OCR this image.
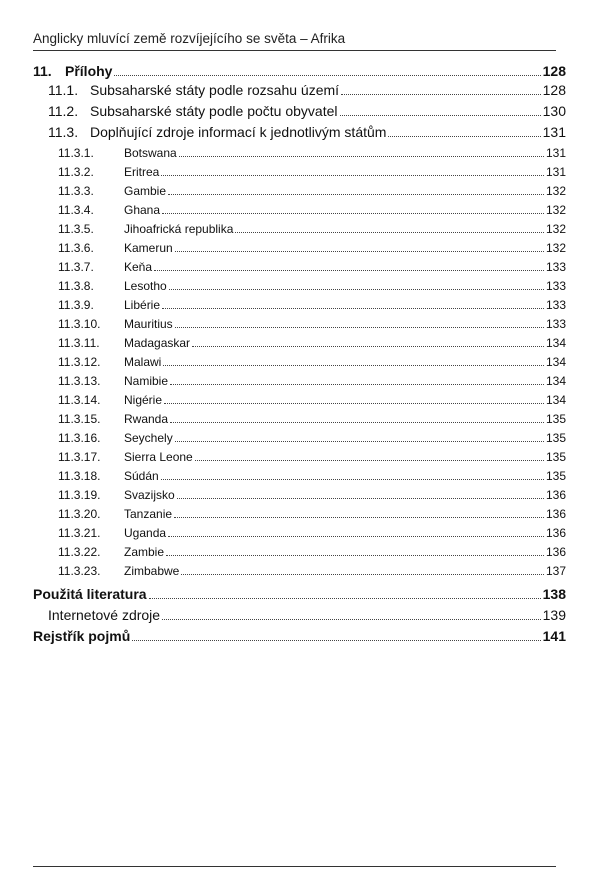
Anglicky mluvící země rozvíjejícího se světa – Afrika
11. Přílohy	128
11.1. Subsaharské státy podle rozsahu území	128
11.2. Subsaharské státy podle počtu obyvatel	130
11.3. Doplňující zdroje informací k jednotlivým státům	131
11.3.1.	Botswana	131
11.3.2.	Eritrea	131
11.3.3.	Gambie	132
11.3.4.	Ghana	132
11.3.5.	Jihoafrická republika	132
11.3.6.	Kamerun	132
11.3.7.	Keňa	133
11.3.8.	Lesotho	133
11.3.9.	Libérie	133
11.3.10.	Mauritius	133
11.3.11.	Madagaskar	134
11.3.12.	Malawi	134
11.3.13.	Namibie	134
11.3.14.	Nigérie	134
11.3.15.	Rwanda	135
11.3.16.	Seychely	135
11.3.17.	Sierra Leone	135
11.3.18.	Súdán	135
11.3.19.	Svazijsko	136
11.3.20.	Tanzanie	136
11.3.21.	Uganda	136
11.3.22.	Zambie	136
11.3.23.	Zimbabwe	137
Použitá literatura	138
Internetové zdroje	139
Rejstřík pojmů	141
